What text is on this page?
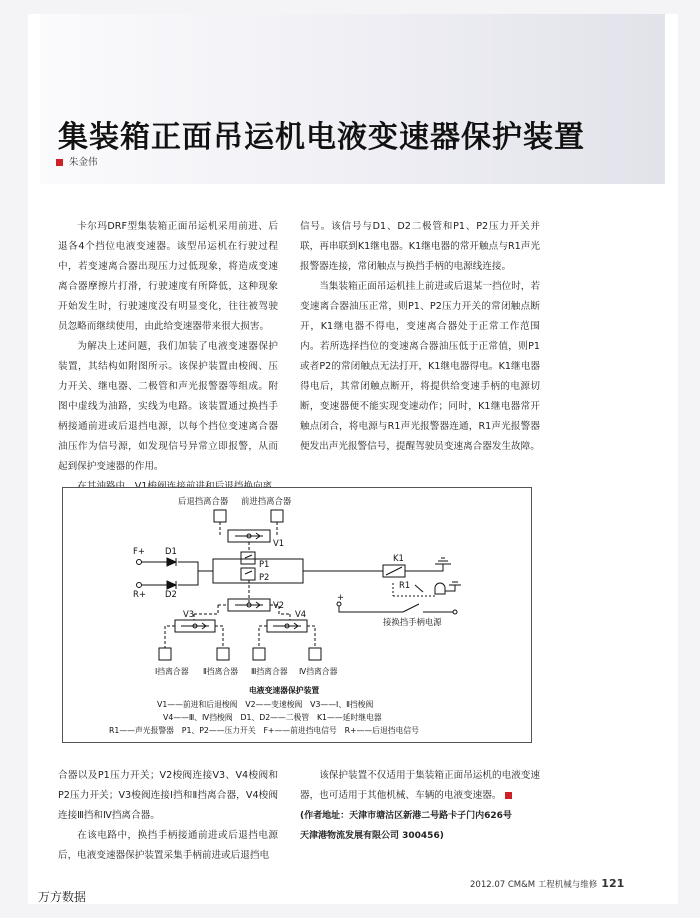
集装箱正面吊运机电液变速器保护装置
朱金伟

卡尔玛DRF型集装箱正面吊运机采用前进、后退各4个挡位电液变速器。该型吊运机在行驶过程中，若变速离合器出现压力过低现象，将造成变速离合器摩擦片打滑，行驶速度有所降低，这种现象开始发生时，行驶速度没有明显变化，往往被驾驶员忽略而继续使用，由此给变速器带来很大损害。

为解决上述问题，我们加装了电液变速器保护装置，其结构如附图所示。该保护装置由梭阀、压力开关、继电器、二极管和声光报警器等组成。附图中虚线为油路，实线为电路。该装置通过换挡手柄接通前进或后退挡电源，以每个挡位变速离合器油压作为信号源，如发现信号异常立即报警，从而起到保护变速器的作用。

信号。该信号与D1、D2二极管和P1、P2压力开关并联，再串联到K1继电器。K1继电器的常开触点与R1声光报警器连接，常闭触点与换挡手柄的电源线连接。

当集装箱正面吊运机挂上前进或后退某一挡位时，若变速离合器油压正常，则P1、P2压力开关的常闭触点断开，K1继电器不得电，变速离合器处于正常工作范围内。若所选择挡位的变速离合器油压低于正常值，则P1或者P2的常闭触点无法打开，K1继电器得电。K1继电器得电后，其常闭触点断开，将提供给变速手柄的电源切断，变速器便不能实现变速动作；同时，K1继电器常开触点闭合，将电源与R1声光报警器连通，R1声光报警器便发出声光报警信号，提醒驾驶员变速离合器发生故障。

后退挡离合器 前进挡离合器
V1
P1
P2
F+
R+
D1
D2
K1
R1
+
接换挡手柄电源
V2
V3	V4
Ⅰ挡离合器 Ⅱ挡离合器 Ⅲ挡离合器 Ⅳ挡离合器
电液变速器保护装置
V1——前进和后退梭阀　V2——变速梭阀　V3——Ⅰ、Ⅱ挡梭阀
V4——Ⅲ、Ⅳ挡梭阀　D1、D2——二极管　K1——延时继电器
R1——声光报警器　P1、P2——压力开关　F+——前进挡电信号　R+——后退挡电信号

合器以及P1压力开关；V2梭阀连接V3、V4梭阀和P2压力开关；V3梭阀连接Ⅰ挡和Ⅱ挡离合器，V4梭阀连接Ⅲ挡和Ⅳ挡离合器。

在该电路中，换挡手柄接通前进或后退挡电源后，电液变速器保护装置采集手柄前进或后退挡电

该保护装置不仅适用于集装箱正面吊运机的电液变速器，也可适用于其他机械、车辆的电液变速器。

(作者地址：天津市塘沽区新港二号路卡子门内626号

天津港物流发展有限公司 300456)

2012.07 CM&M 工程机械与维修 121
万方数据
